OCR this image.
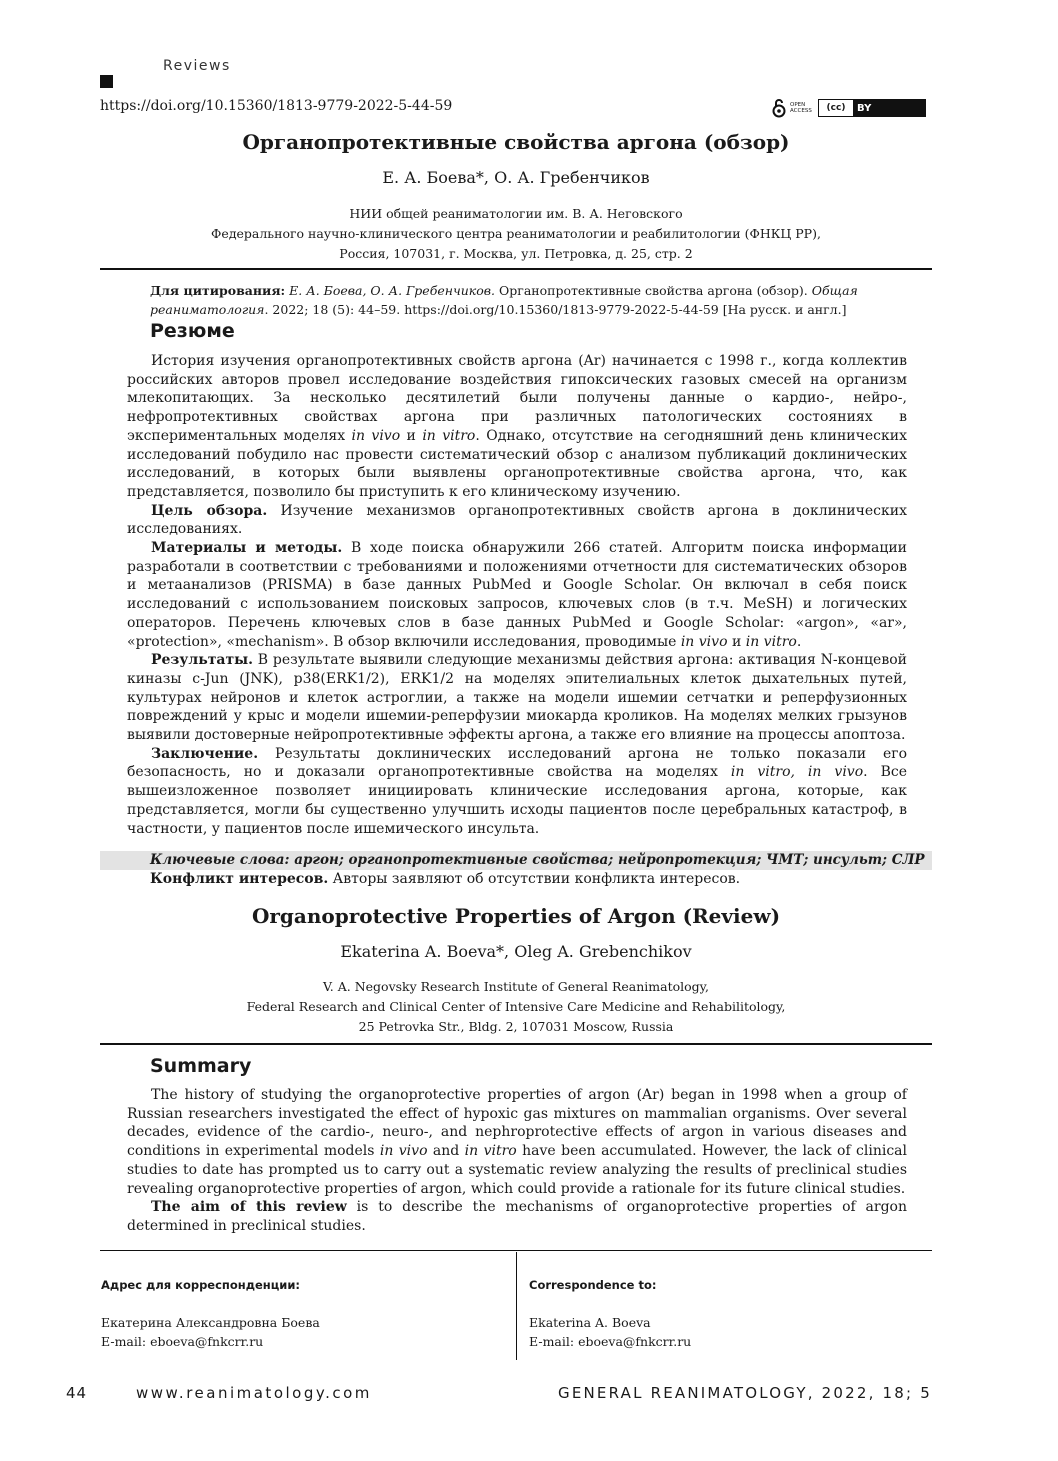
Reviews
https://doi.org/10.15360/1813-9779-2022-5-44-59	OPEN ACCESS	(cc)	BY
Органопротективные свойства аргона (обзор)
Е. А. Боева*, О. А. Гребенчиков
НИИ общей реаниматологии им. В. А. Неговского
Федерального научно-клинического центра реаниматологии и реабилитологии (ФНКЦ РР),
Россия, 107031, г. Москва, ул. Петровка, д. 25, стр. 2
Для цитирования: Е. А. Боева, О. А. Гребенчиков. Органопротективные свойства аргона (обзор). Общая реаниматология. 2022; 18 (5): 44–59. https://doi.org/10.15360/1813-9779-2022-5-44-59 [На русск. и англ.]
Резюме

История изучения органопротективных свойств аргона (Ar) начинается с 1998 г., когда коллектив российских авторов провел исследование воздействия гипоксических газовых смесей на организм млекопитающих. За несколько десятилетий были получены данные о кардио-, нейро-, нефропротективных свойствах аргона при различных патологических состояниях в экспериментальных моделях in vivo и in vitro. Однако, отсутствие на сегодняшний день клинических исследований побудило нас провести систематический обзор с анализом публикаций доклинических исследований, в которых были выявлены органопротективные свойства аргона, что, как представляется, позволило бы приступить к его клиническому изучению.

Цель обзора. Изучение механизмов органопротективных свойств аргона в доклинических исследованиях.

Материалы и методы. В ходе поиска обнаружили 266 статей. Алгоритм поиска информации разработали в соответствии с требованиями и положениями отчетности для систематических обзоров и метаанализов (PRISMA) в базе данных PubMed и Google Scholar. Он включал в себя поиск исследований с использованием поисковых запросов, ключевых слов (в т.ч. MeSH) и логических операторов. Перечень ключевых слов в базе данных PubMed и Google Scholar: «argon», «ar», «protection», «mechanism». В обзор включили исследования, проводимые in vivo и in vitro.

Результаты. В результате выявили следующие механизмы действия аргона: активация N-концевой киназы c-Jun (JNK), p38(ERK1/2), ERK1/2 на моделях эпителиальных клеток дыхательных путей, культурах нейронов и клеток астроглии, а также на модели ишемии сетчатки и реперфузионных повреждений у крыс и модели ишемии-реперфузии миокарда кроликов. На моделях мелких грызунов выявили достоверные нейропротективные эффекты аргона, а также его влияние на процессы апоптоза.

Заключение. Результаты доклинических исследований аргона не только показали его безопасность, но и доказали органопротективные свойства на моделях in vitro, in vivo. Все вышеизложенное позволяет инициировать клинические исследования аргона, которые, как представляется, могли бы существенно улучшить исходы пациентов после церебральных катастроф, в частности, у пациентов после ишемического инсульта.

Ключевые слова: аргон; органопротективные свойства; нейропротекция; ЧМТ; инсульт; СЛР
Конфликт интересов. Авторы заявляют об отсутствии конфликта интересов.
Organoprotective Properties of Argon (Review)
Ekaterina A. Boeva*, Oleg A. Grebenchikov
V. A. Negovsky Research Institute of General Reanimatology,
Federal Research and Clinical Center of Intensive Care Medicine and Rehabilitology,
25 Petrovka Str., Bldg. 2, 107031 Moscow, Russia
Summary

The history of studying the organoprotective properties of argon (Ar) began in 1998 when a group of Russian researchers investigated the effect of hypoxic gas mixtures on mammalian organisms. Over several decades, evidence of the cardio-, neuro-, and nephroprotective effects of argon in various diseases and conditions in experimental models in vivo and in vitro have been accumulated. However, the lack of clinical studies to date has prompted us to carry out a systematic review analyzing the results of preclinical studies revealing organoprotective properties of argon, which could provide a rationale for its future clinical studies.

The aim of this review is to describe the mechanisms of organoprotective properties of argon determined in preclinical studies.

Адрес для корреспонденции:
Екатерина Александровна Боева
E-mail: eboeva@fnkcrr.ru
Correspondence to:
Ekaterina A. Boeva
E-mail: eboeva@fnkcrr.ru
44	www.reanimatology.com	GENERAL REANIMATOLOGY, 2022, 18; 5
